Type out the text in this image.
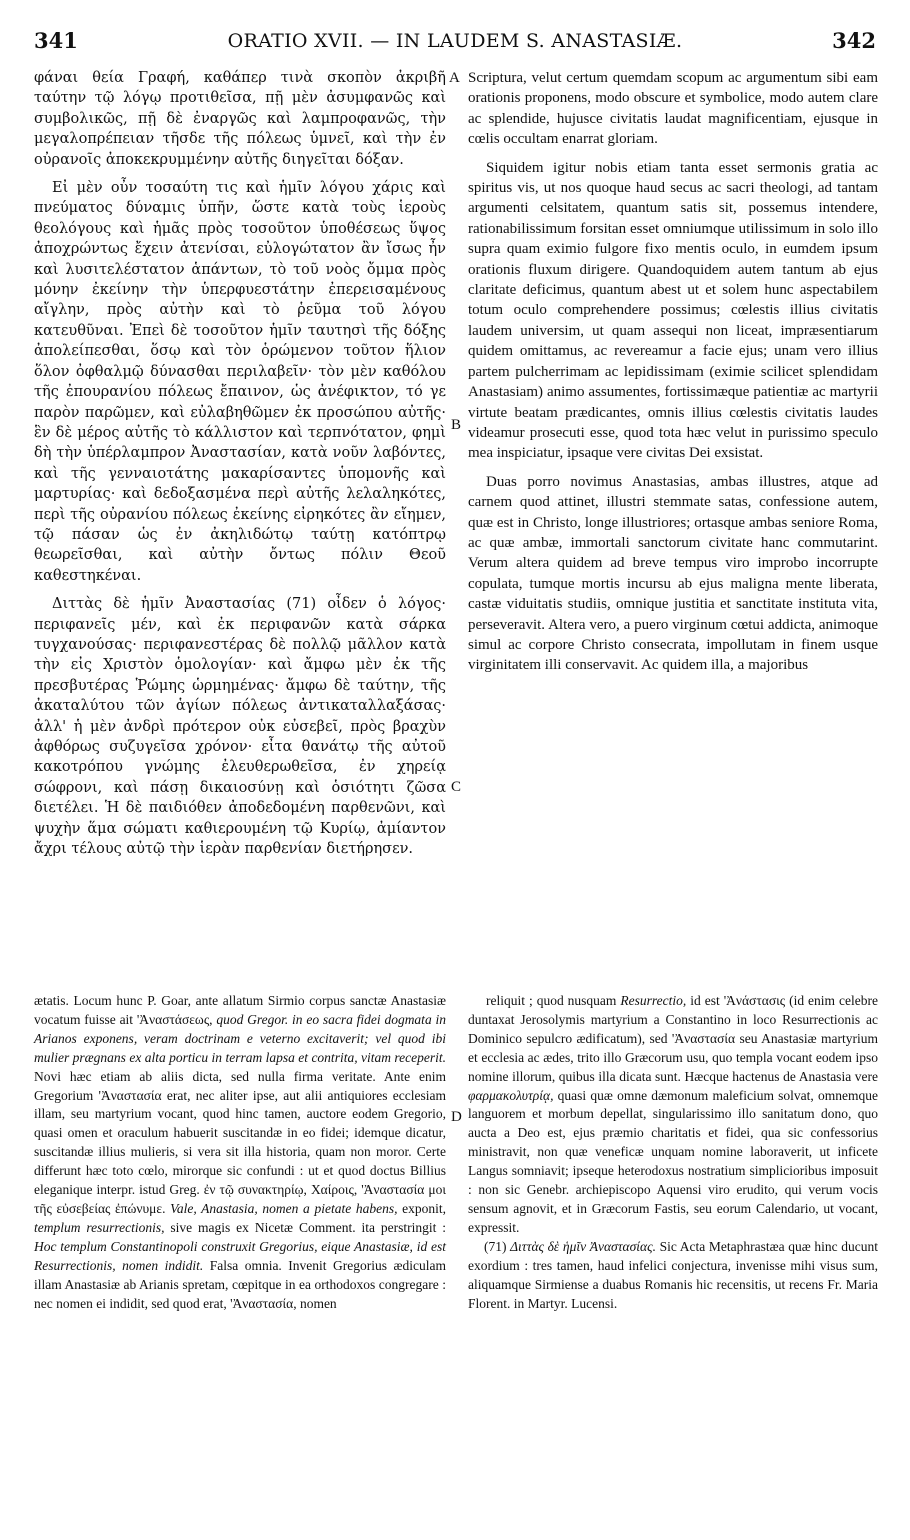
341	ORATIO XVII. — IN LAUDEM S. ANASTASIÆ.	342
A
B
C
D

φάναι θεία Γραφή, καθάπερ τινὰ σκοπὸν ἀκριβῆ ταύτην τῷ λόγῳ προτιθεῖσα, πῇ μὲν ἀσυμφανῶς καὶ συμβολικῶς, πῇ δὲ ἐναργῶς καὶ λαμπροφανῶς, τὴν μεγαλοπρέπειαν τῆσδε τῆς πόλεως ὑμνεῖ, καὶ τὴν ἐν οὐρανοῖς ἀποκεκρυμμένην αὐτῆς διηγεῖται δόξαν.

Εἰ μὲν οὖν τοσαύτη τις καὶ ἡμῖν λόγου χάρις καὶ πνεύματος δύναμις ὑπῆν, ὥστε κατὰ τοὺς ἱεροὺς θεολόγους καὶ ἡμᾶς πρὸς τοσοῦτον ὑποθέσεως ὕψος ἀποχρώντως ἔχειν ἀτενίσαι, εὐλογώτατον ἂν ἴσως ἦν καὶ λυσιτελέστατον ἁπάντων, τὸ τοῦ νοὸς ὄμμα πρὸς μόνην ἐκείνην τὴν ὑπερφυεστάτην ἐπερεισαμένους αἴγλην, πρὸς αὐτὴν καὶ τὸ ῥεῦμα τοῦ λόγου κατευθῦναι. Ἐπεὶ δὲ τοσοῦτον ἡμῖν ταυτησὶ τῆς δόξης ἀπολείπεσθαι, ὅσῳ καὶ τὸν ὁρώμενον τοῦτον ἥλιον ὅλον ὀφθαλμῷ δύνασθαι περιλαβεῖν· τὸν μὲν καθόλου τῆς ἐπουρανίου πόλεως ἔπαινον, ὡς ἀνέφικτον, τό γε παρὸν παρῶμεν, καὶ εὐλαβηθῶμεν ἐκ προσώπου αὐτῆς· ἓν δὲ μέρος αὐτῆς τὸ κάλλιστον καὶ τερπνότατον, φημὶ δὴ τὴν ὑπέρλαμπρον Ἀναστασίαν, κατὰ νοῦν λαβόντες, καὶ τῆς γενναιοτάτης μακαρίσαντες ὑπομονῆς καὶ μαρτυρίας· καὶ δεδοξασμένα περὶ αὐτῆς λελαληκότες, περὶ τῆς οὐρανίου πόλεως ἐκείνης εἰρηκότες ἂν εἴημεν, τῷ πάσαν ὡς ἐν ἀκηλιδώτῳ ταύτῃ κατόπτρῳ θεωρεῖσθαι, καὶ αὐτὴν ὄντως πόλιν Θεοῦ καθεστηκέναι.

Διττὰς δὲ ἡμῖν Ἀναστασίας (71) οἶδεν ὁ λόγος· περιφανεῖς μέν, καὶ ἐκ περιφανῶν κατὰ σάρκα τυγχανούσας· περιφανεστέρας δὲ πολλῷ μᾶλλον κατὰ τὴν εἰς Χριστὸν ὁμολογίαν· καὶ ἄμφω μὲν ἐκ τῆς πρεσβυτέρας Ῥώμης ὡρμημένας· ἄμφω δὲ ταύτην, τῆς ἀκαταλύτου τῶν ἁγίων πόλεως ἀντικαταλλαξάσας· ἀλλ' ἡ μὲν ἀνδρὶ πρότερον οὐκ εὐσεβεῖ, πρὸς βραχὺν ἀφθόρως συζυγεῖσα χρόνον· εἶτα θανάτῳ τῆς αὐτοῦ κακοτρόπου γνώμης ἐλευθερωθεῖσα, ἐν χηρείᾳ σώφρονι, καὶ πάσῃ δικαιοσύνῃ καὶ ὁσιότητι ζῶσα διετέλει. Ἡ δὲ παιδιόθεν ἀποδεδομένη παρθενῶνι, καὶ ψυχὴν ἅμα σώματι καθιερουμένη τῷ Κυρίῳ, ἀμίαντον ἄχρι τέλους αὐτῷ τὴν ἱερὰν παρθενίαν διετήρησεν.

Scriptura, velut certum quemdam scopum ac argumentum sibi eam orationis proponens, modo obscure et symbolice, modo autem clare ac splendide, hujusce civitatis laudat magnificentiam, ejusque in cœlis occultam enarrat gloriam.

Siquidem igitur nobis etiam tanta esset sermonis gratia ac spiritus vis, ut nos quoque haud secus ac sacri theologi, ad tantam argumenti celsitatem, quantum satis sit, possemus intendere, rationabilissimum forsitan esset omniumque utilissimum in solo illo supra quam eximio fulgore fixo mentis oculo, in eumdem ipsum orationis fluxum dirigere. Quandoquidem autem tantum ab ejus claritate deficimus, quantum abest ut et solem hunc aspectabilem totum oculo comprehendere possimus; cœlestis illius civitatis laudem universim, ut quam assequi non liceat, impræsentiarum quidem omittamus, ac revereamur a facie ejus; unam vero illius partem pulcherrimam ac lepidissimam (eximie scilicet splendidam Anastasiam) animo assumentes, fortissimæque patientiæ ac martyrii virtute beatam prædicantes, omnis illius cœlestis civitatis laudes videamur prosecuti esse, quod tota hæc velut in purissimo speculo mea inspiciatur, ipsaque vere civitas Dei exsistat.

Duas porro novimus Anastasias, ambas illustres, atque ad carnem quod attinet, illustri stemmate satas, confessione autem, quæ est in Christo, longe illustriores; ortasque ambas seniore Roma, ac quæ ambæ, immortali sanctorum civitate hanc commutarint. Verum altera quidem ad breve tempus viro improbo incorrupte copulata, tumque mortis incursu ab ejus maligna mente liberata, castæ viduitatis studiis, omnique justitia et sanctitate instituta vita, perseveravit. Altera vero, a puero virginum cœtui addicta, animoque simul ac corpore Christo consecrata, impollutam in finem usque virginitatem illi conservavit. Ac quidem illa, a majoribus

ætatis. Locum hunc P. Goar, ante allatum Sirmio corpus sanctæ Anastasiæ vocatum fuisse ait 'Ἀναστάσεως, quod Gregor. in eo sacra fidei dogmata in Arianos exponens, veram doctrinam e veterno excitaverit; vel quod ibi mulier prægnans ex alta porticu in terram lapsa et contrita, vitam receperit. Novi hæc etiam ab aliis dicta, sed nulla firma veritate. Ante enim Gregorium 'Ἀναστασία erat, nec aliter ipse, aut alii antiquiores ecclesiam illam, seu martyrium vocant, quod hinc tamen, auctore eodem Gregorio, quasi omen et oraculum habuerit suscitandæ in eo fidei; idemque dicatur, suscitandæ illius mulieris, si vera sit illa historia, quam non moror. Certe differunt hæc toto cœlo, mirorque sic confundi : ut et quod doctus Billius eleganique interpr. istud Greg. ἐν τῷ συνακτηρίῳ, Χαίροις, 'Ἀναστασία μοι τῆς εὐσεβείας ἐπώνυμε. Vale, Anastasia, nomen a pietate habens, exponit, templum resurrectionis, sive magis ex Nicetæ Comment. ita perstringit : Hoc templum Constantinopoli construxit Gregorius, eique Anastasiæ, id est Resurrectionis, nomen indidit. Falsa omnia. Invenit Gregorius ædiculam illam Anastasiæ ab Arianis spretam, cœpitque in ea orthodoxos congregare : nec nomen ei indidit, sed quod erat, 'Ἀναστασία, nomen

reliquit ; quod nusquam Resurrectio, id est 'Ἀνάστασις (id enim celebre duntaxat Jerosolymis martyrium a Constantino in loco Resurrectionis ac Dominico sepulcro ædificatum), sed 'Ἀναστασία seu Anastasiæ martyrium et ecclesia ac ædes, trito illo Græcorum usu, quo templa vocant eodem ipso nomine illorum, quibus illa dicata sunt. Hæcque hactenus de Anastasia vere φαρμακολυτρίᾳ, quasi quæ omne dæmonum maleficium solvat, omnemque languorem et morbum depellat, singularissimo illo sanitatum dono, quo aucta a Deo est, ejus præmio charitatis et fidei, qua sic confessorius ministravit, non quæ veneficæ unquam nomine laboraverit, ut inficete Langus somniavit; ipseque heterodoxus nostratium simplicioribus imposuit : non sic Genebr. archiepiscopo Aquensi viro erudito, qui verum vocis sensum agnovit, et in Græcorum Fastis, seu eorum Calendario, ut vocant, expressit.

(71) Διττὰς δὲ ἡμῖν Ἀναστασίας. Sic Acta Metaphrastæa quæ hinc ducunt exordium : tres tamen, haud infelici conjectura, invenisse mihi visus sum, aliquamque Sirmiense a duabus Romanis hic recensitis, ut recens Fr. Maria Florent. in Martyr. Lucensi.
